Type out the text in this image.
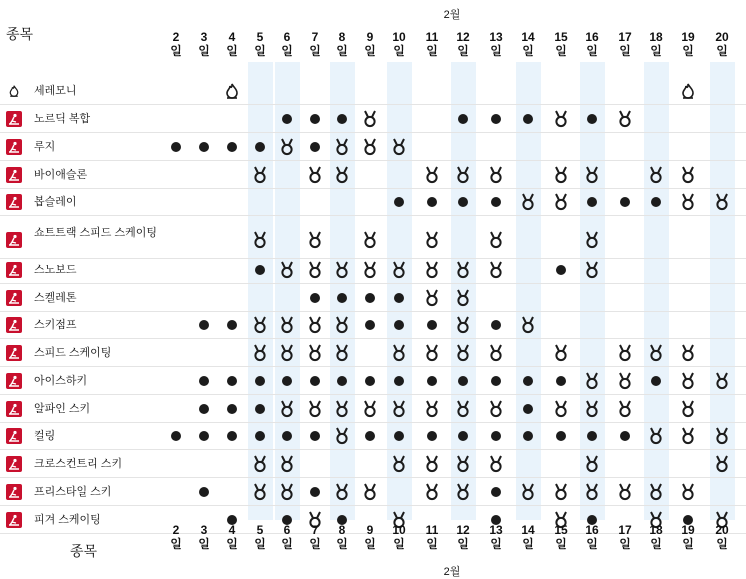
2월
종목	2
일
3
일
4
일
5
일
6
일
7
일
8
일
9
일
10
일
11
일
12
일
13
일
14
일
15
일
16
일
17
일
18
일
19
일
20
일
세레모니
노르딕 복합
루지
바이애슬론
봅슬레이
쇼트트랙 스피드 스케이팅
스노보드
스켈레톤
스키점프
스피드 스케이팅
아이스하키
알파인 스키
컬링
크로스컨트리 스키
프리스타일 스키
피겨 스케이팅
2
일
3
일
4
일
5
일
6
일
7
일
8
일
9
일
10
일
11
일
12
일
13
일
14
일
15
일
16
일
17
일
18
일
19
일
20
일
종목
2월
